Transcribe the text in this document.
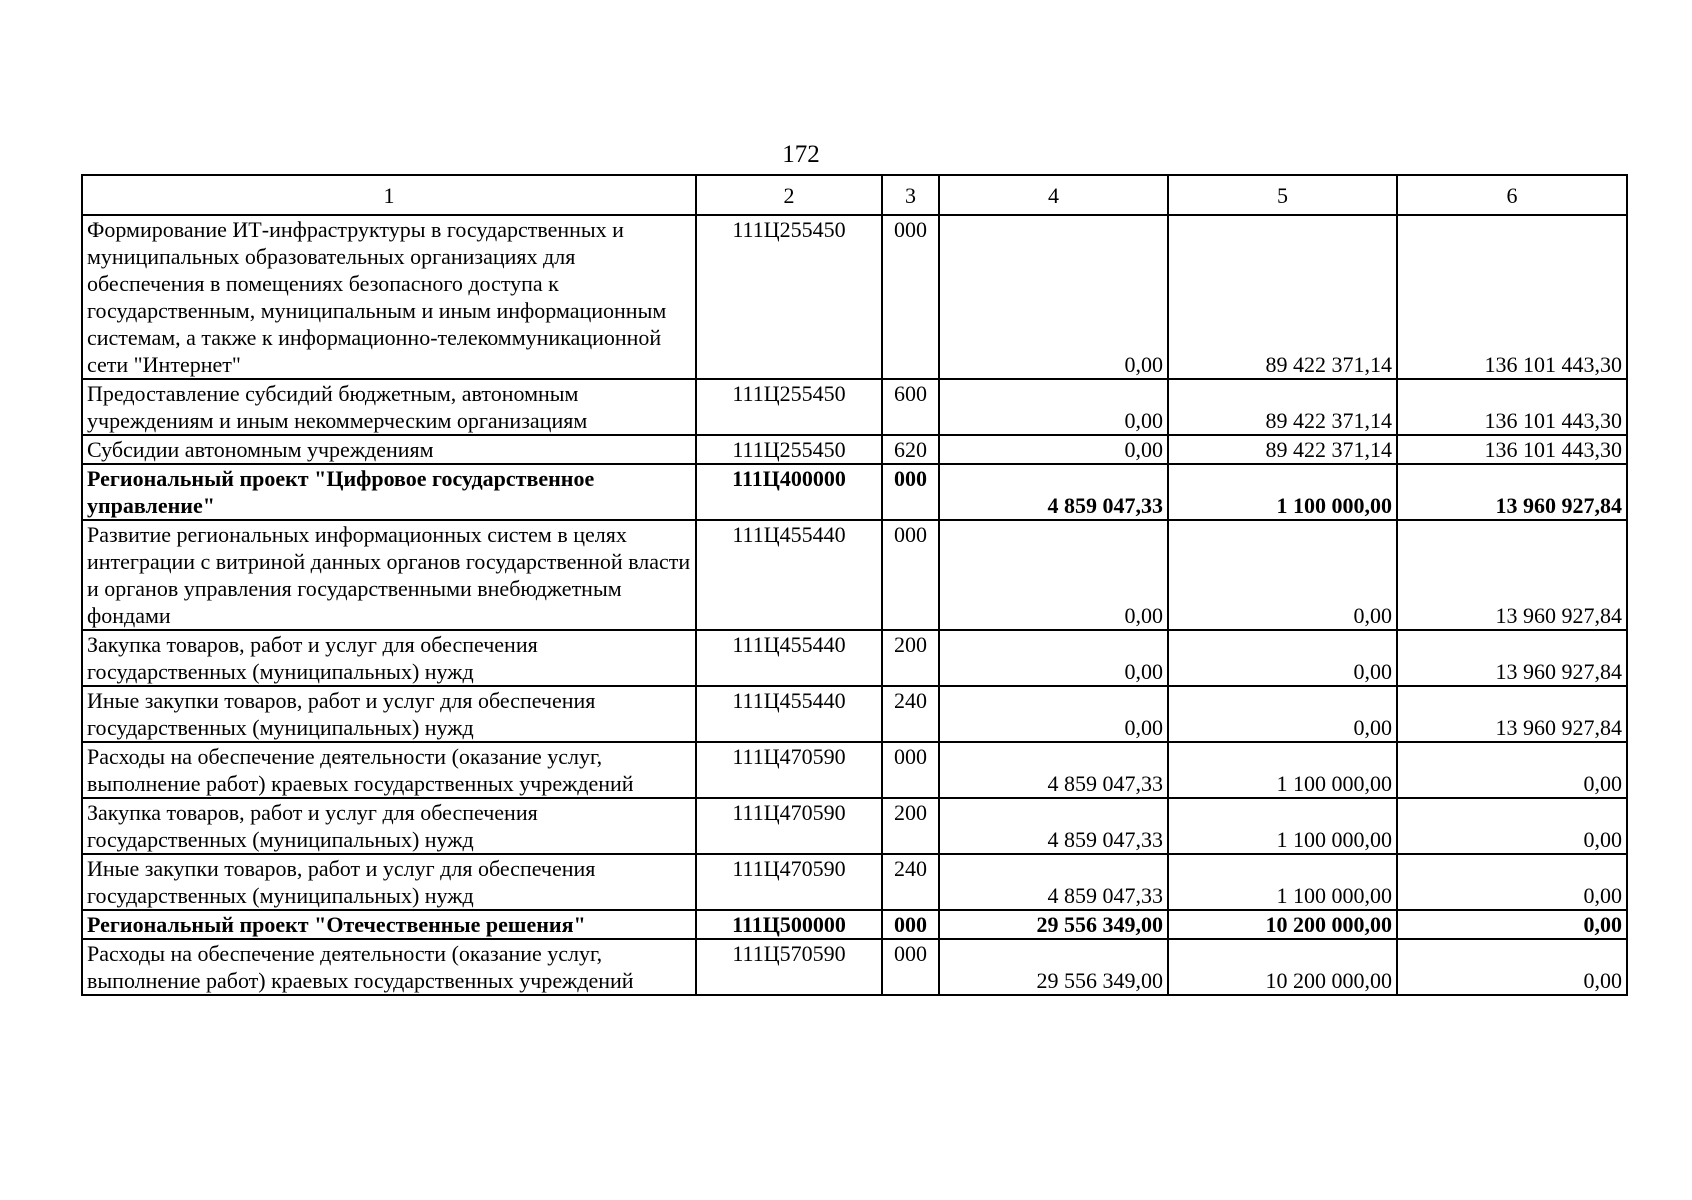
172
1	2	3	4	5	6
Формирование ИТ-инфраструктуры в государственных и муниципальных образовательных организациях для обеспечения в помещениях безопасного доступа к государственным, муниципальным и иным информационным системам, а также к информационно-телекоммуникационной сети "Интернет"	111Ц255450	000	0,00	89 422 371,14	136 101 443,30
Предоставление субсидий бюджетным, автономным учреждениям и иным некоммерческим организациям	111Ц255450	600	0,00	89 422 371,14	136 101 443,30
Субсидии автономным учреждениям	111Ц255450	620	0,00	89 422 371,14	136 101 443,30
Региональный проект "Цифровое государственное управление"	111Ц400000	000	4 859 047,33	1 100 000,00	13 960 927,84
Развитие региональных информационных систем в целях интеграции с витриной данных органов государственной власти и органов управления государственными внебюджетным фондами	111Ц455440	000	0,00	0,00	13 960 927,84
Закупка товаров, работ и услуг для обеспечения государственных (муниципальных) нужд	111Ц455440	200	0,00	0,00	13 960 927,84
Иные закупки товаров, работ и услуг для обеспечения государственных (муниципальных) нужд	111Ц455440	240	0,00	0,00	13 960 927,84
Расходы на обеспечение деятельности (оказание услуг, выполнение работ) краевых государственных учреждений	111Ц470590	000	4 859 047,33	1 100 000,00	0,00
Закупка товаров, работ и услуг для обеспечения государственных (муниципальных) нужд	111Ц470590	200	4 859 047,33	1 100 000,00	0,00
Иные закупки товаров, работ и услуг для обеспечения государственных (муниципальных) нужд	111Ц470590	240	4 859 047,33	1 100 000,00	0,00
Региональный проект "Отечественные решения"	111Ц500000	000	29 556 349,00	10 200 000,00	0,00
Расходы на обеспечение деятельности (оказание услуг, выполнение работ) краевых государственных учреждений	111Ц570590	000	29 556 349,00	10 200 000,00	0,00
